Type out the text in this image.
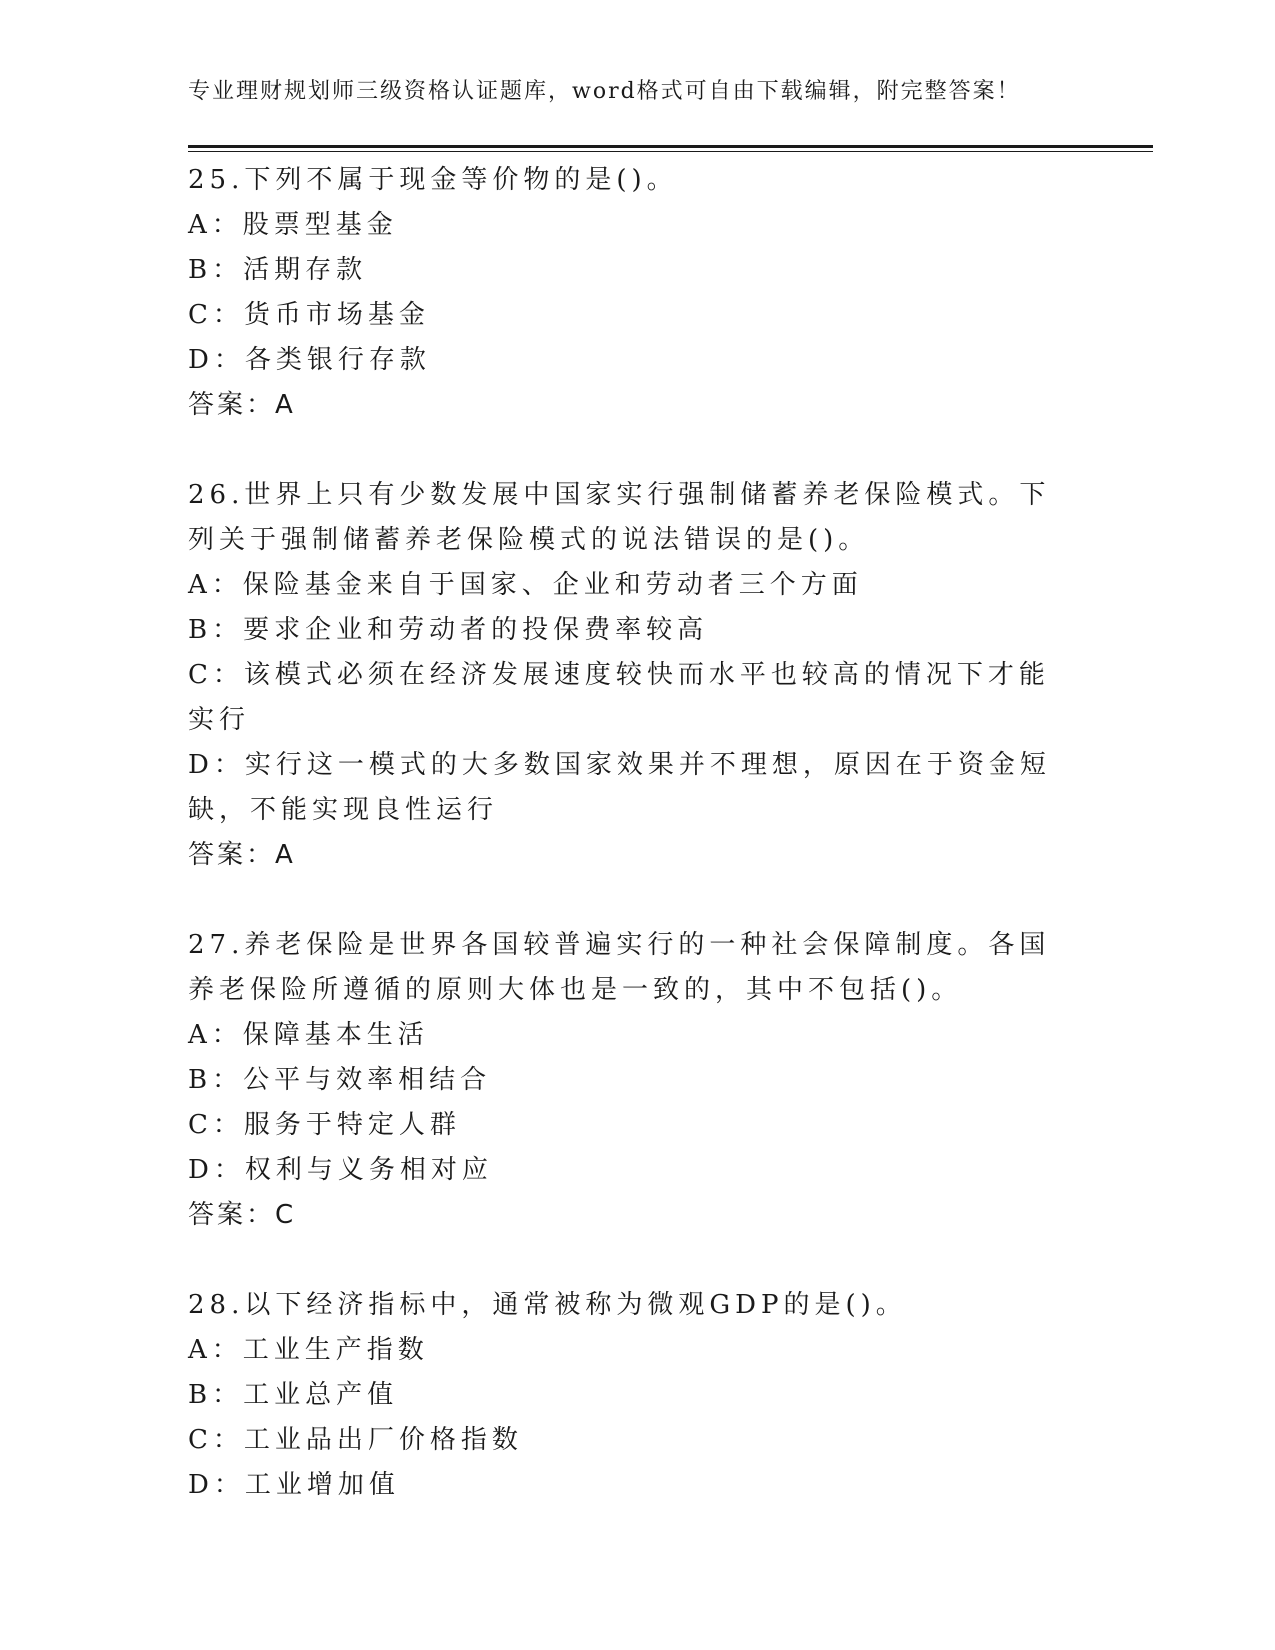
专业理财规划师三级资格认证题库，word格式可自由下载编辑，附完整答案！
25.下列不属于现金等价物的是()。
A：股票型基金
B：活期存款
C：货币市场基金
D：各类银行存款
答案：A
26.世界上只有少数发展中国家实行强制储蓄养老保险模式。下列关于强制储蓄养老保险模式的说法错误的是()。
A：保险基金来自于国家、企业和劳动者三个方面
B：要求企业和劳动者的投保费率较高
C：该模式必须在经济发展速度较快而水平也较高的情况下才能实行
D：实行这一模式的大多数国家效果并不理想，原因在于资金短缺，不能实现良性运行
答案：A
27.养老保险是世界各国较普遍实行的一种社会保障制度。各国养老保险所遵循的原则大体也是一致的，其中不包括()。
A：保障基本生活
B：公平与效率相结合
C：服务于特定人群
D：权利与义务相对应
答案：C
28.以下经济指标中，通常被称为微观GDP的是()。
A：工业生产指数
B：工业总产值
C：工业品出厂价格指数
D：工业增加值
